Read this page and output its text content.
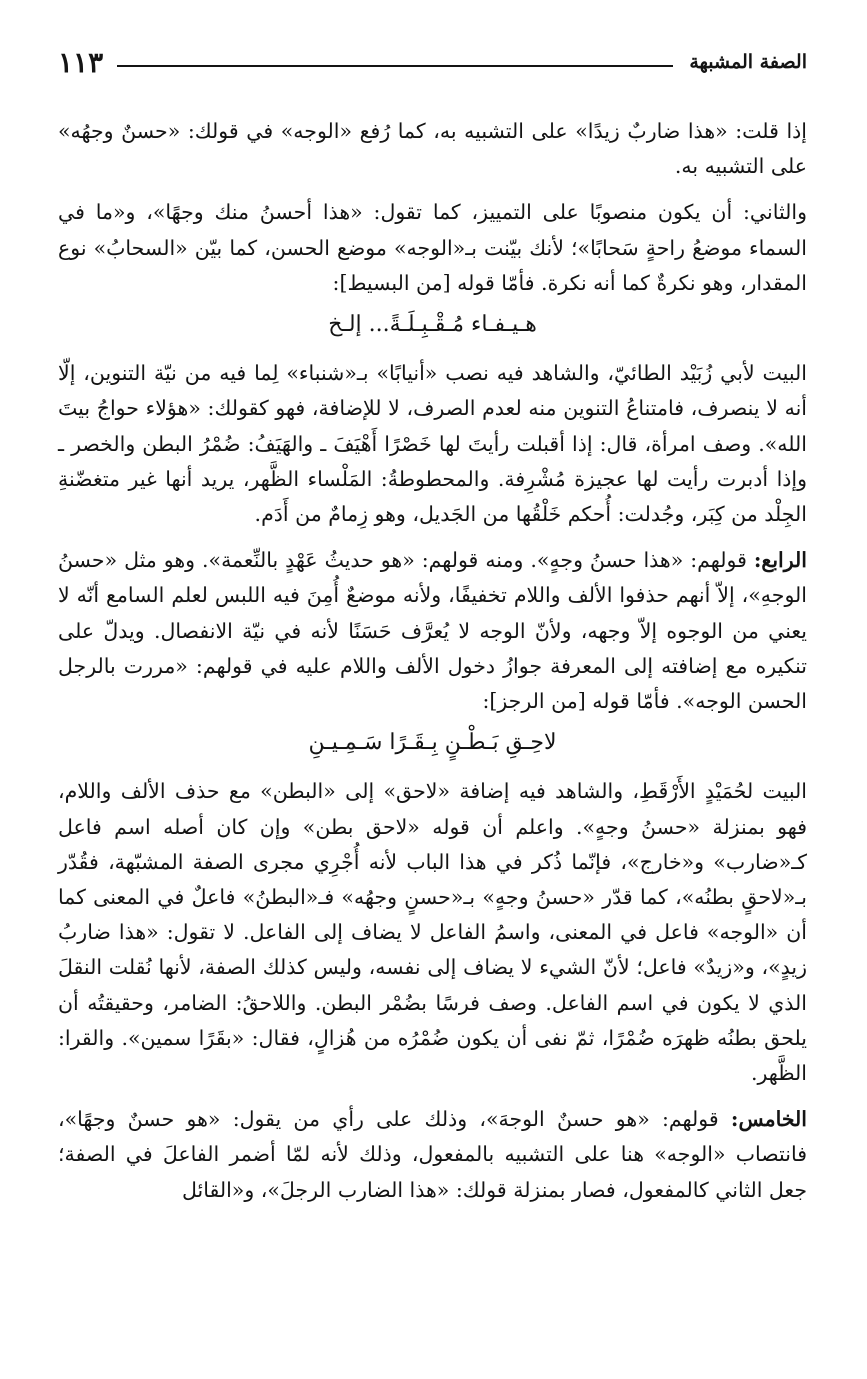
١١٣	الصفة المشبهة

إذا قلت: «هذا ضاربٌ زيدًا» على التشبيه به، كما رُفع «الوجه» في قولك: «حسنٌ وجهُه» على التشبيه به.

والثاني: أن يكون منصوبًا على التمييز، كما تقول: «هذا أحسنُ منك وجهًا»، و«ما في السماء موضعُ راحةٍ سَحابًا»؛ لأنك بيّنت بـ«الوجه» موضع الحسن، كما بيّن «السحابُ» نوع المقدار، وهو نكرةٌ كما أنه نكرة. فأمّا قوله [من البسيط]:

هـيـفـاء مُـقْـبِـلَـةً... إلـخ

البيت لأبي زُبَيْد الطائيّ، والشاهد فيه نصب «أنيابًا» بـ«شنباء» لِما فيه من نيّة التنوين، إلّا أنه لا ينصرف، فامتناعُ التنوين منه لعدم الصرف، لا للإضافة، فهو كقولك: «هؤلاء حواجُ بيتَ الله». وصف امرأة، قال: إذا أقبلت رأيتَ لها خَصْرًا أَهْيَفَ ـ والهَيَفُ: ضُمْرُ البطن والخصر ـ وإذا أدبرت رأيت لها عجيزة مُشْرِفة. والمحطوطةُ: المَلْساء الظَّهر، يريد أنها غير متغضّنةِ الجِلْد من كِبَر، وجُدلت: أُحكم خَلْقُها من الجَديل، وهو زِمامٌ من أَدَم.

الرابع: قولهم: «هذا حسنُ وجهٍ». ومنه قولهم: «هو حديثُ عَهْدٍ بالنِّعمة». وهو مثل «حسنُ الوجهِ»، إلاّ أنهم حذفوا الألف واللام تخفيفًا، ولأنه موضعٌ أُمِنَ فيه اللبس لعلم السامع أنّه لا يعني من الوجوه إلاّ وجهه، ولأنّ الوجه لا يُعرَّف حَسَنًا لأنه في نيّة الانفصال. ويدلّ على تنكيره مع إضافته إلى المعرفة جوازُ دخول الألف واللام عليه في قولهم: «مررت بالرجل الحسن الوجه». فأمّا قوله [من الرجز]:

لاحِـقِ بَـطْـنٍ بِـقَـرًا سَـمِـيـنِ

البيت لحُمَيْدٍ الأَرْقَطِ، والشاهد فيه إضافة «لاحق» إلى «البطن» مع حذف الألف واللام، فهو بمنزلة «حسنُ وجهٍ». واعلم أن قوله «لاحق بطن» وإن كان أصله اسم فاعل كـ«ضارب» و«خارج»، فإنّما ذُكر في هذا الباب لأنه أُجْرِي مجرى الصفة المشبّهة، فقُدّر بـ«لاحقٍ بطنُه»، كما قدّر «حسنُ وجهٍ» بـ«حسنٍ وجهُه» فـ«البطنُ» فاعلٌ في المعنى كما أن «الوجه» فاعل في المعنى، واسمُ الفاعل لا يضاف إلى الفاعل. لا تقول: «هذا ضاربُ زيدٍ»، و«زيدٌ» فاعل؛ لأنّ الشيء لا يضاف إلى نفسه، وليس كذلك الصفة، لأنها نُقلت النقلَ الذي لا يكون في اسم الفاعل. وصف فرسًا بضُمْر البطن. واللاحقُ: الضامر، وحقيقتُه أن يلحق بطنُه ظهرَه ضُمْرًا، ثمّ نفى أن يكون ضُمْرُه من هُزالٍ، فقال: «بقَرًا سمين». والقرا: الظَّهر.

الخامس: قولهم: «هو حسنٌ الوجهَ»، وذلك على رأي من يقول: «هو حسنٌ وجهًا»، فانتصاب «الوجه» هنا على التشبيه بالمفعول، وذلك لأنه لمّا أضمر الفاعلَ في الصفة؛ جعل الثاني كالمفعول، فصار بمنزلة قولك: «هذا الضارب الرجلَ»، و«القائل
